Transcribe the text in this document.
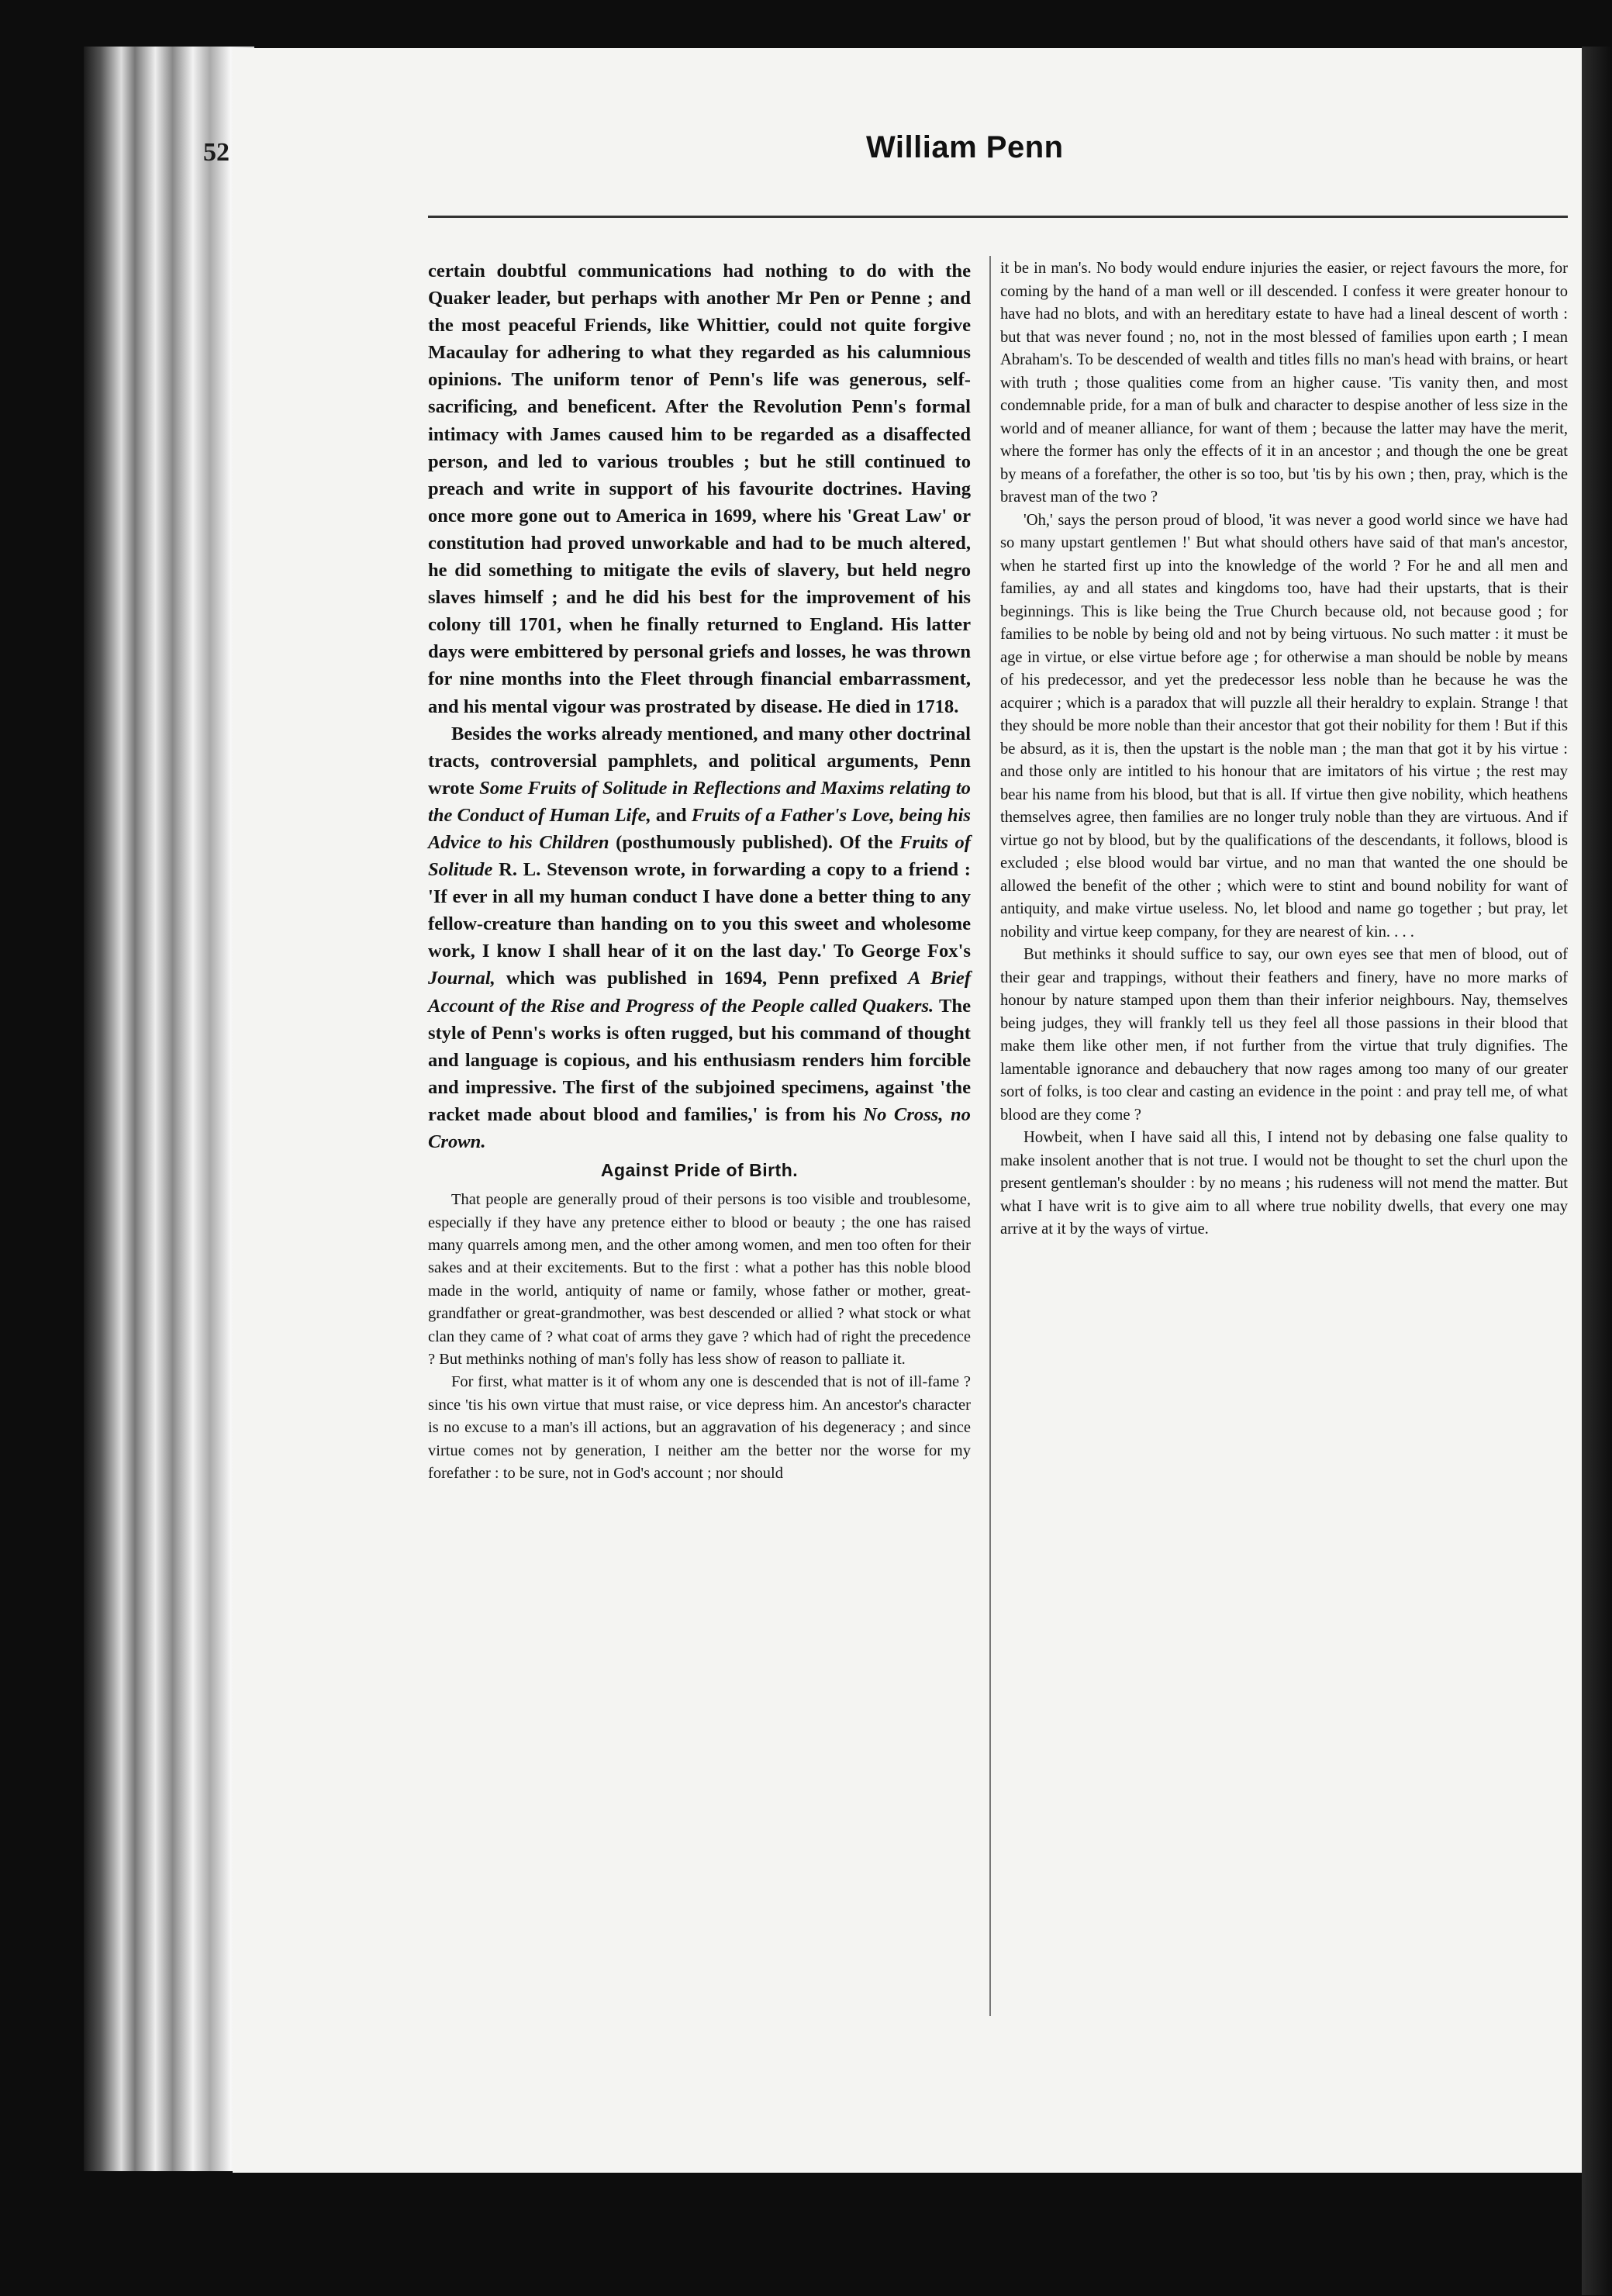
52	William Penn

certain doubtful communications had nothing to do with the Quaker leader, but perhaps with another Mr Pen or Penne ; and the most peaceful Friends, like Whittier, could not quite forgive Macaulay for adhering to what they regarded as his calumnious opinions. The uniform tenor of Penn's life was generous, self-sacrificing, and beneficent. After the Revolution Penn's formal intimacy with James caused him to be regarded as a disaffected person, and led to various troubles ; but he still continued to preach and write in support of his favourite doctrines. Having once more gone out to America in 1699, where his 'Great Law' or constitution had proved unworkable and had to be much altered, he did something to mitigate the evils of slavery, but held negro slaves himself ; and he did his best for the improvement of his colony till 1701, when he finally returned to England. His latter days were embittered by personal griefs and losses, he was thrown for nine months into the Fleet through financial embarrassment, and his mental vigour was prostrated by disease. He died in 1718.

Besides the works already mentioned, and many other doctrinal tracts, controversial pamphlets, and political arguments, Penn wrote Some Fruits of Solitude in Reflections and Maxims relating to the Conduct of Human Life, and Fruits of a Father's Love, being his Advice to his Children (posthumously published). Of the Fruits of Solitude R. L. Stevenson wrote, in forwarding a copy to a friend : 'If ever in all my human conduct I have done a better thing to any fellow-creature than handing on to you this sweet and wholesome work, I know I shall hear of it on the last day.' To George Fox's Journal, which was published in 1694, Penn prefixed A Brief Account of the Rise and Progress of the People called Quakers. The style of Penn's works is often rugged, but his command of thought and language is copious, and his enthusiasm renders him forcible and impressive. The first of the subjoined specimens, against 'the racket made about blood and families,' is from his No Cross, no Crown.

Against Pride of Birth.

That people are generally proud of their persons is too visible and troublesome, especially if they have any pretence either to blood or beauty ; the one has raised many quarrels among men, and the other among women, and men too often for their sakes and at their excitements. But to the first : what a pother has this noble blood made in the world, antiquity of name or family, whose father or mother, great-grandfather or great-grandmother, was best descended or allied ? what stock or what clan they came of ? what coat of arms they gave ? which had of right the precedence ? But methinks nothing of man's folly has less show of reason to palliate it.

For first, what matter is it of whom any one is descended that is not of ill-fame ? since 'tis his own virtue that must raise, or vice depress him. An ancestor's character is no excuse to a man's ill actions, but an aggravation of his degeneracy ; and since virtue comes not by generation, I neither am the better nor the worse for my forefather : to be sure, not in God's account ; nor should

it be in man's. No body would endure injuries the easier, or reject favours the more, for coming by the hand of a man well or ill descended. I confess it were greater honour to have had no blots, and with an hereditary estate to have had a lineal descent of worth : but that was never found ; no, not in the most blessed of families upon earth ; I mean Abraham's. To be descended of wealth and titles fills no man's head with brains, or heart with truth ; those qualities come from an higher cause. 'Tis vanity then, and most condemnable pride, for a man of bulk and character to despise another of less size in the world and of meaner alliance, for want of them ; because the latter may have the merit, where the former has only the effects of it in an ancestor ; and though the one be great by means of a forefather, the other is so too, but 'tis by his own ; then, pray, which is the bravest man of the two ?

'Oh,' says the person proud of blood, 'it was never a good world since we have had so many upstart gentlemen !' But what should others have said of that man's ancestor, when he started first up into the knowledge of the world ? For he and all men and families, ay and all states and kingdoms too, have had their upstarts, that is their beginnings. This is like being the True Church because old, not because good ; for families to be noble by being old and not by being virtuous. No such matter : it must be age in virtue, or else virtue before age ; for otherwise a man should be noble by means of his predecessor, and yet the predecessor less noble than he because he was the acquirer ; which is a paradox that will puzzle all their heraldry to explain. Strange ! that they should be more noble than their ancestor that got their nobility for them ! But if this be absurd, as it is, then the upstart is the noble man ; the man that got it by his virtue : and those only are intitled to his honour that are imitators of his virtue ; the rest may bear his name from his blood, but that is all. If virtue then give nobility, which heathens themselves agree, then families are no longer truly noble than they are virtuous. And if virtue go not by blood, but by the qualifications of the descendants, it follows, blood is excluded ; else blood would bar virtue, and no man that wanted the one should be allowed the benefit of the other ; which were to stint and bound nobility for want of antiquity, and make virtue useless. No, let blood and name go together ; but pray, let nobility and virtue keep company, for they are nearest of kin. . . .

But methinks it should suffice to say, our own eyes see that men of blood, out of their gear and trappings, without their feathers and finery, have no more marks of honour by nature stamped upon them than their inferior neighbours. Nay, themselves being judges, they will frankly tell us they feel all those passions in their blood that make them like other men, if not further from the virtue that truly dignifies. The lamentable ignorance and debauchery that now rages among too many of our greater sort of folks, is too clear and casting an evidence in the point : and pray tell me, of what blood are they come ?

Howbeit, when I have said all this, I intend not by debasing one false quality to make insolent another that is not true. I would not be thought to set the churl upon the present gentleman's shoulder : by no means ; his rudeness will not mend the matter. But what I have writ is to give aim to all where true nobility dwells, that every one may arrive at it by the ways of virtue.
